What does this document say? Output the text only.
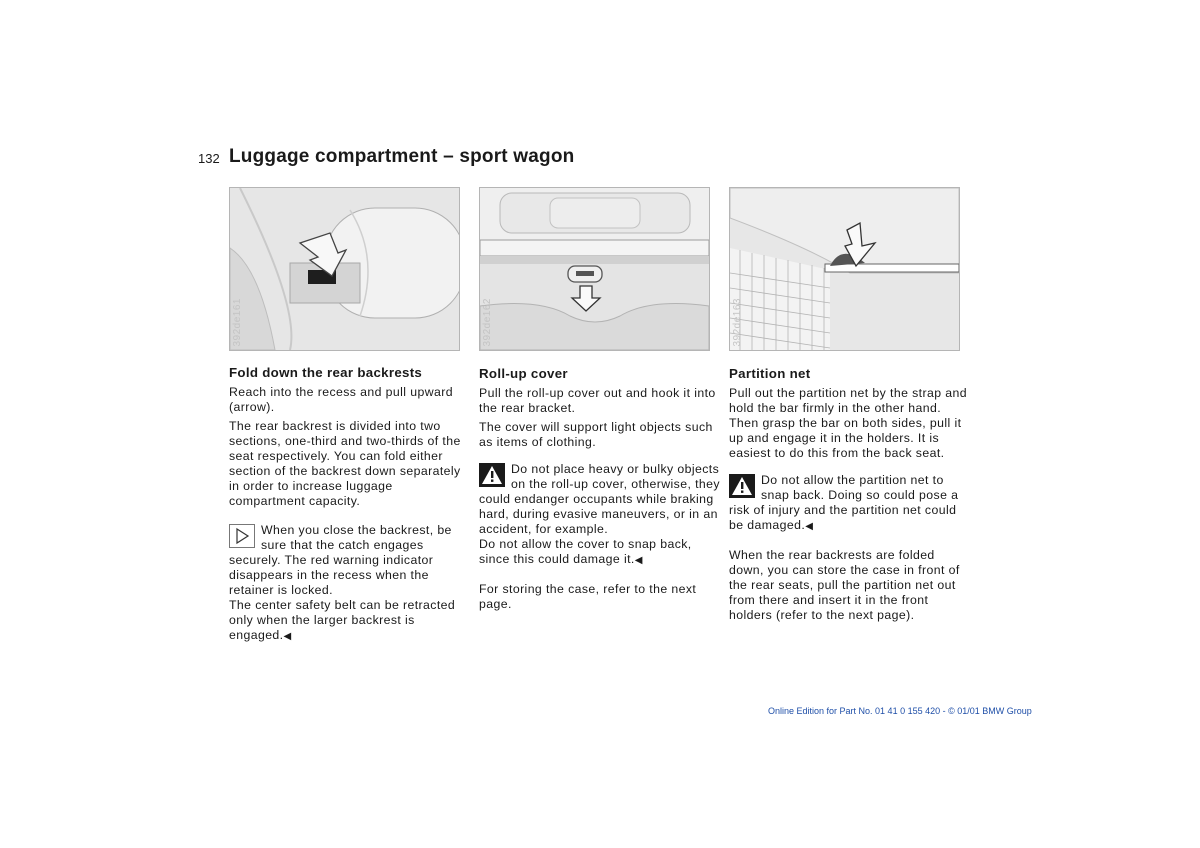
132 Luggage compartment – sport wagon
392de161	392de162	392de163
Fold down the rear backrests

Reach into the recess and pull upward (arrow).

The rear backrest is divided into two sections, one-third and two-thirds of the seat respectively. You can fold either section of the backrest down separately in order to increase luggage compartment capacity.

When you close the backrest, be sure that the catch engages securely. The red warning indicator disappears in the recess when the retainer is locked.

The center safety belt can be retracted only when the larger backrest is engaged.◀

Roll-up cover

Pull the roll-up cover out and hook it into the rear bracket.

The cover will support light objects such as items of clothing.

Do not place heavy or bulky objects on the roll-up cover, otherwise, they could endanger occupants while braking hard, during evasive maneuvers, or in an accident, for example.

Do not allow the cover to snap back, since this could damage it.◀

For storing the case, refer to the next page.

Partition net

Pull out the partition net by the strap and hold the bar firmly in the other hand. Then grasp the bar on both sides, pull it up and engage it in the holders. It is easiest to do this from the back seat.

Do not allow the partition net to snap back. Doing so could pose a risk of injury and the partition net could be damaged.◀

When the rear backrests are folded down, you can store the case in front of the rear seats, pull the partition net out from there and insert it in the front holders (refer to the next page).

Online Edition for Part No. 01 41 0 155 420 - © 01/01 BMW Group
